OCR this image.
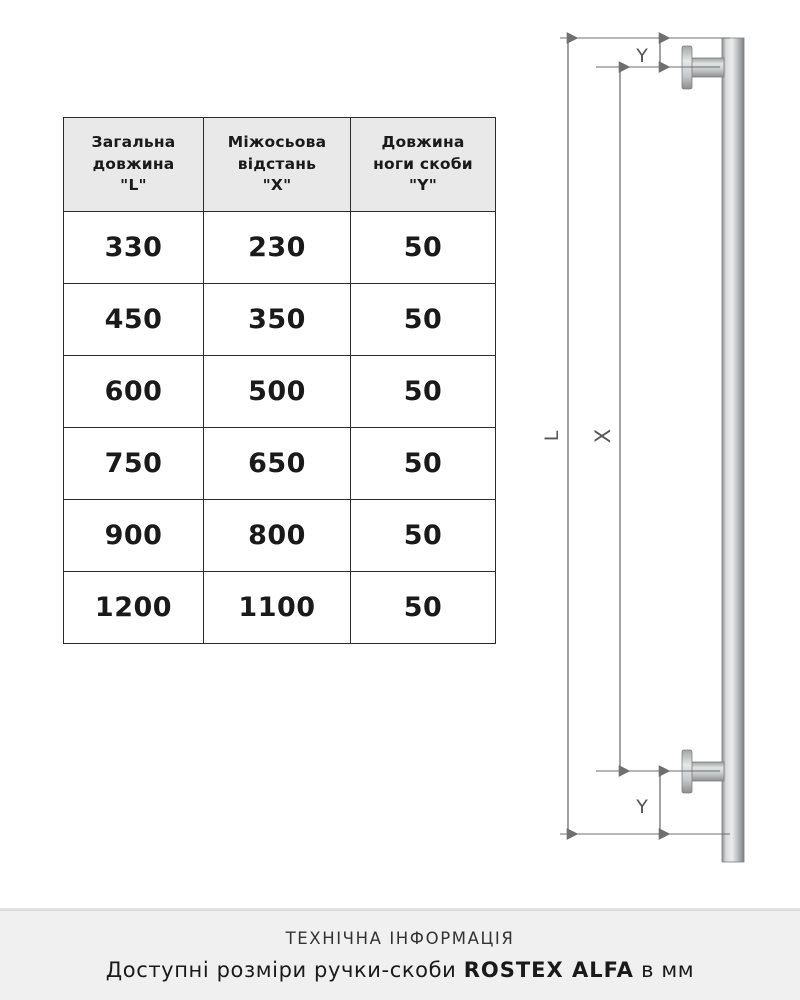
Загальна
довжина
"L"

Міжосьова
відстань
"X"

Довжина
ноги скоби
"Y"

330	230	50
450	350	50
600	500	50
750	650	50
900	800	50
1200	1100	50
L X
Y
Y
ТЕХНІЧНА ІНФОРМАЦІЯ
Доступні розміри ручки-скоби ROSTEX ALFA в мм
